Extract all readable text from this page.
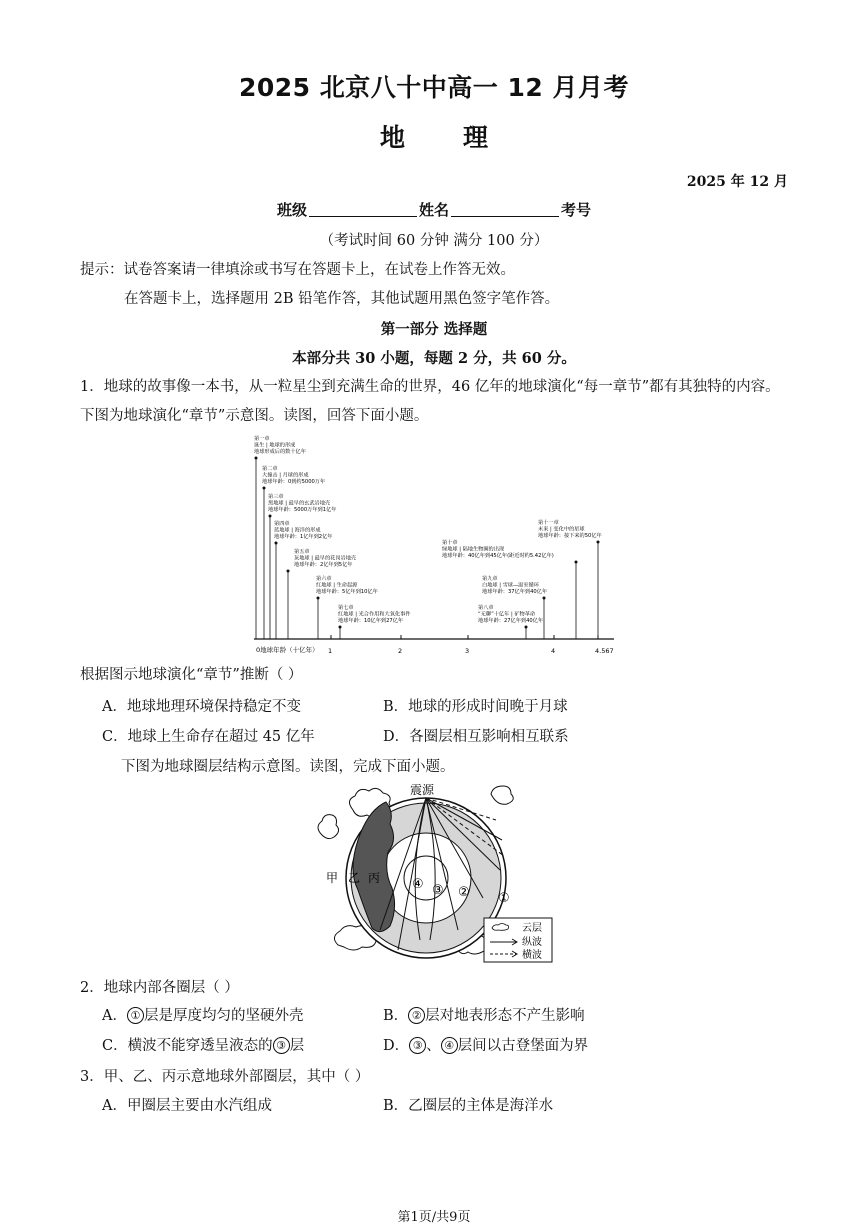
2025 北京八十中高一 12 月月考
地理
2025 年 12 月
班级	姓名	考号
（考试时间 60 分钟 满分 100 分）
提示：试卷答案请一律填涂或书写在答题卡上，在试卷上作答无效。
在答题卡上，选择题用 2B 铅笔作答，其他试题用黑色签字笔作答。
第一部分 选择题
本部分共 30 小题，每题 2 分，共 60 分。
1．地球的故事像一本书，从一粒星尘到充满生命的世界，46 亿年的地球演化“每一章节”都有其独特的内容。下图为地球演化“章节”示意图。读图，回答下面小题。
1	2	3	4	4.567
第一章
诞生 | 地球的形成
地球形成后的数十亿年
第二章
大撞击 | 月球的形成
地球年龄：0到约5000万年
第三章
黑地球 | 最早的玄武岩地壳
地球年龄：5000万年到1亿年
第四章
蓝地球 | 海洋的形成
地球年龄：1亿年到2亿年
第五章
灰地球 | 最早的花岗岩地壳
地球年龄：2亿年到5亿年
第六章
红地球 | 生命起源
地球年龄：5亿年到10亿年
第七章
红地球 | 光合作用和大氧化事件
地球年龄：10亿年到27亿年
第八章
“无聊”十亿年 | 矿物革命
地球年龄：27亿年到40亿年
第九章
白地球 | 雪球—温室循环
地球年龄：37亿年到40亿年
第十章
绿地球 | 陆地生物圈的出现
地球年龄：40亿年到45亿年(距近时约5.42亿年)
第十一章
未来 | 变化中的星球
地球年龄：接下来的50亿年
0地球年龄（十亿年）
根据图示地球演化“章节”推断（ ）
A．地球地理环境保持稳定不变	B．地球的形成时间晚于月球
C．地球上生命存在超过 45 亿年	D．各圈层相互影响相互联系
下图为地球圈层结构示意图。读图，完成下面小题。
震源
甲 乙 丙
①
②
③
④
云层
纵波
横波
2．地球内部各圈层（ ）
A． ① 层是厚度均匀的坚硬外壳	B． ② 层对地表形态不产生影响
C．横波不能穿透呈液态的 ③ 层	D． ③ 、 ④ 层间以古登堡面为界
3．甲、乙、丙示意地球外部圈层，其中（ ）
A．甲圈层主要由水汽组成	B．乙圈层的主体是海洋水
第1页/共9页
